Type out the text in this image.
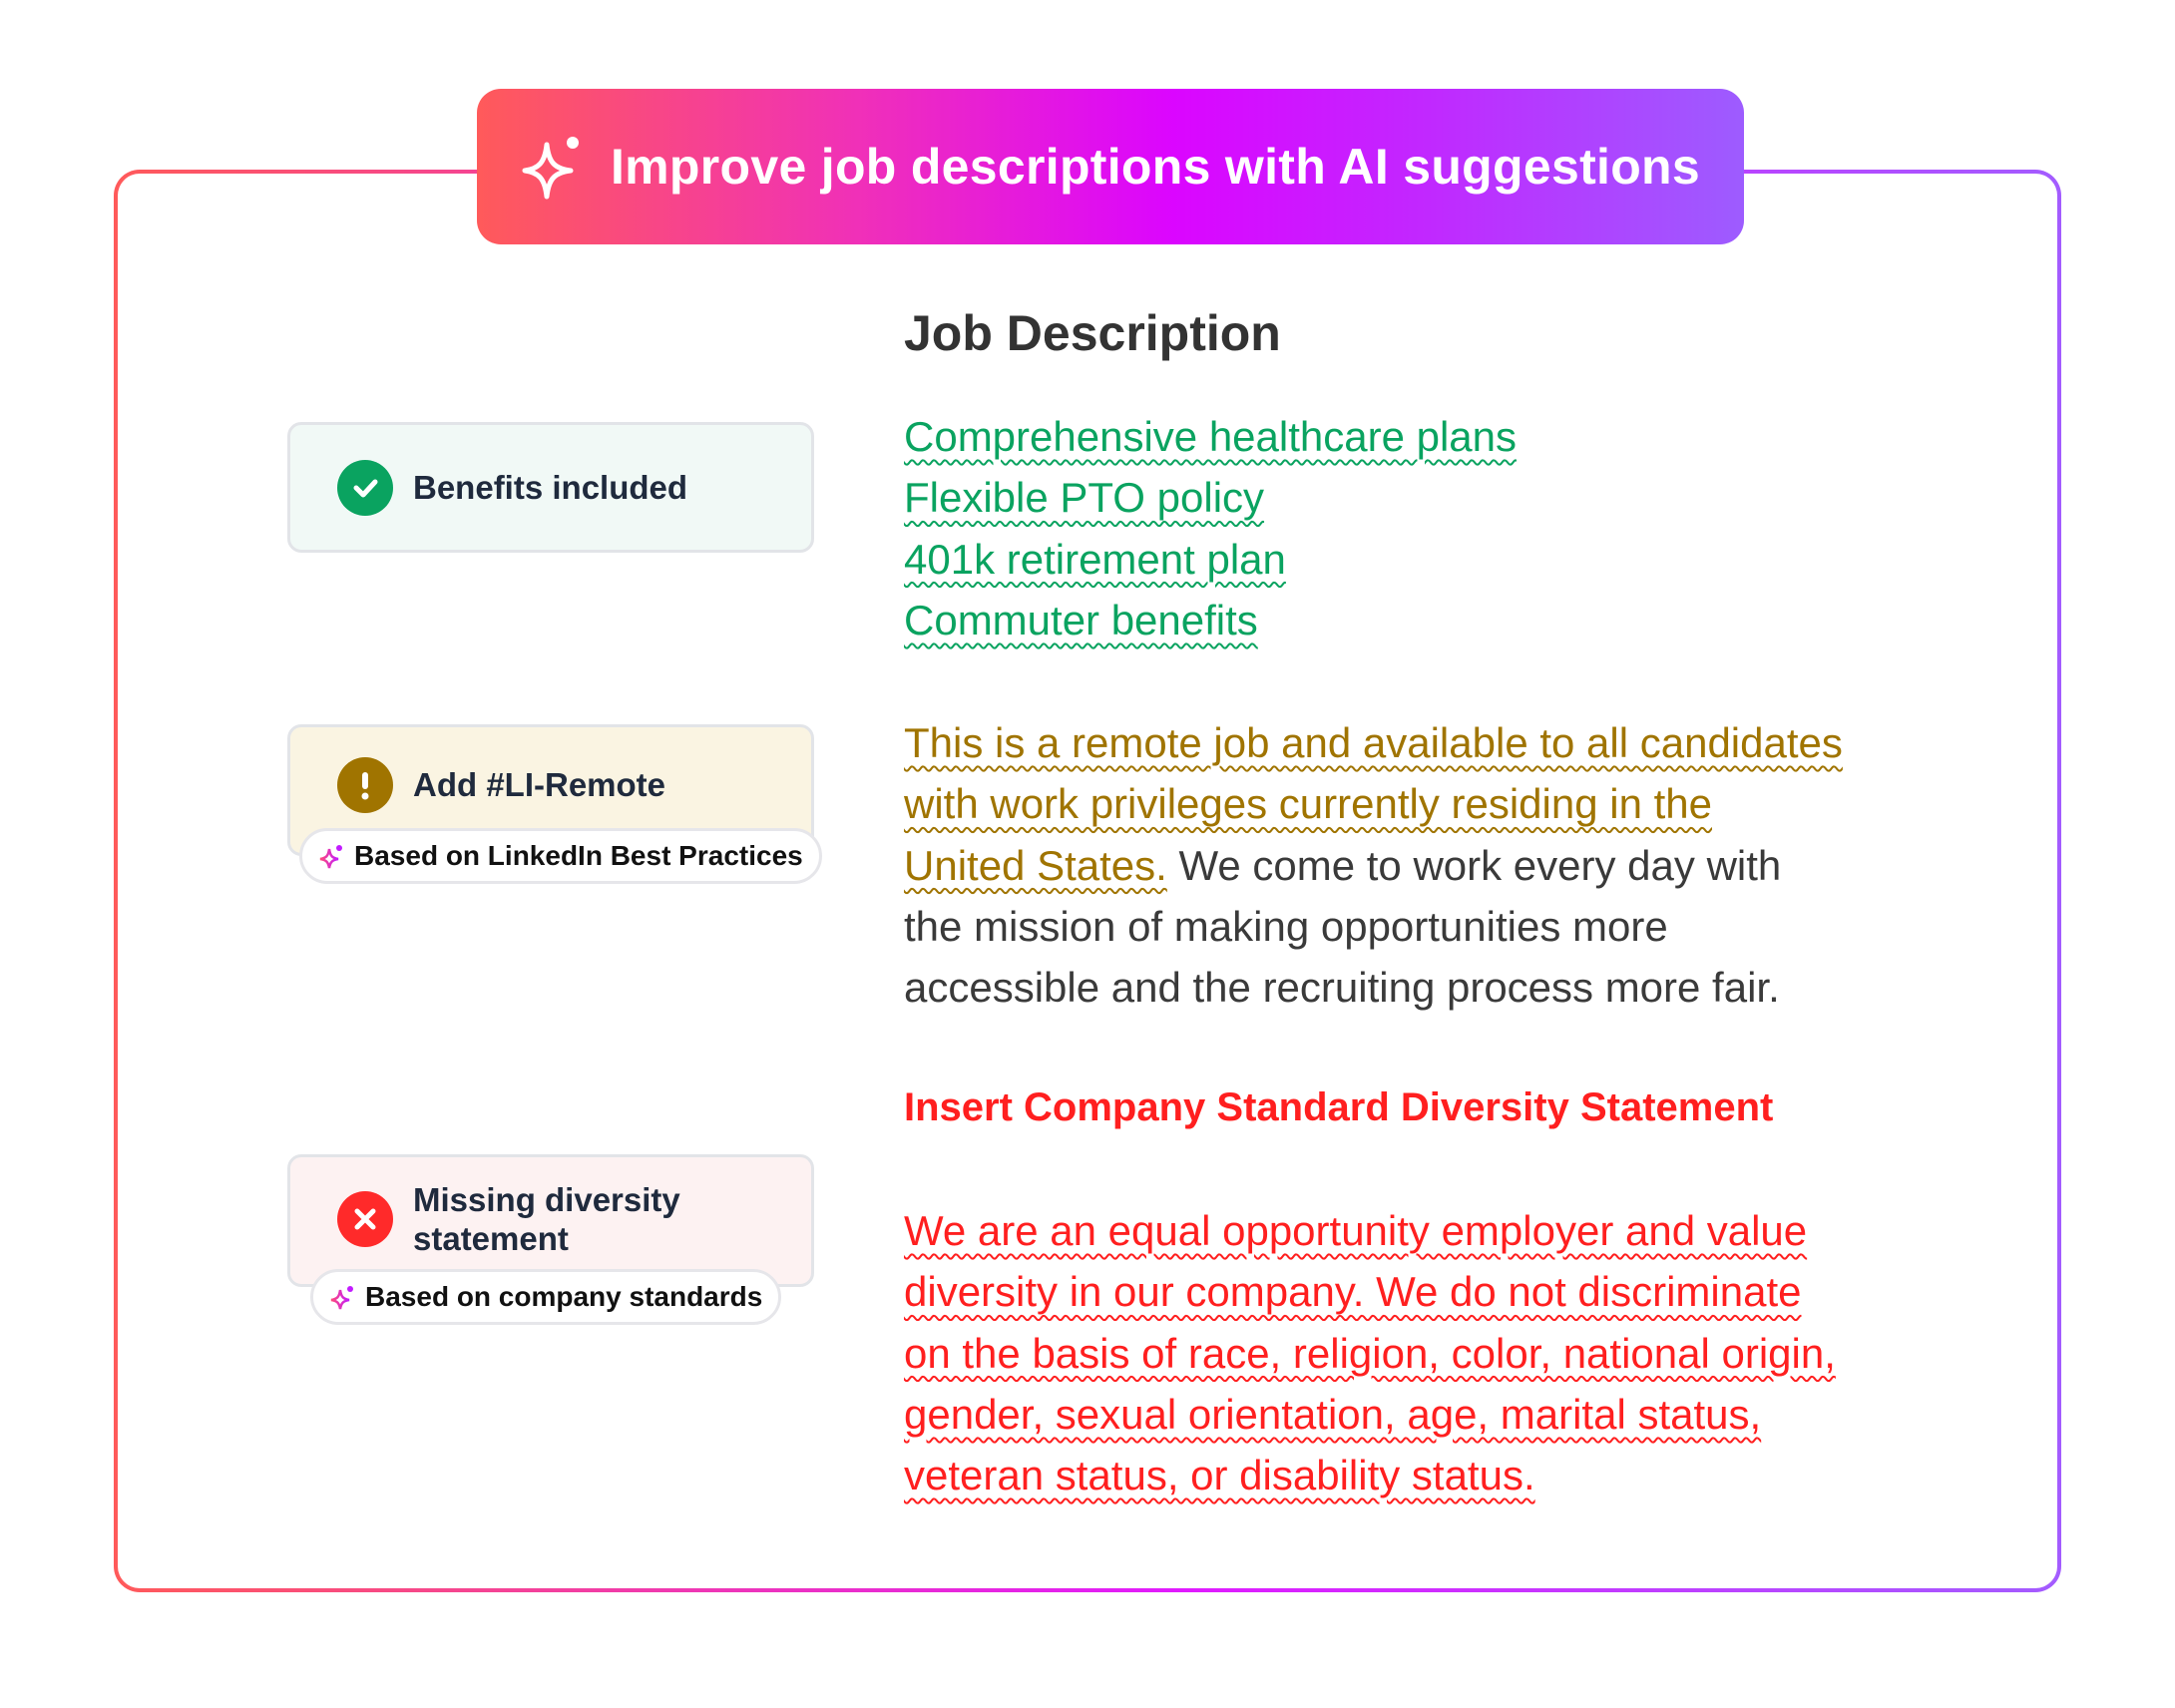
Improve job descriptions with AI suggestions
Job Description
Comprehensive healthcare plans
Flexible PTO policy
401k retirement plan
Commuter benefits
This is a remote job and available to all candidates
with work privileges currently residing in the
United States. We come to work every day with
the mission of making opportunities more
accessible and the recruiting process more fair.
Insert Company Standard Diversity Statement
We are an equal opportunity employer and value
diversity in our company. We do not discriminate
on the basis of race, religion, color, national origin,
gender, sexual orientation, age, marital status,
veteran status, or disability status.
Benefits included
Add #LI-Remote
Based on LinkedIn Best Practices
Missing diversity statement
Based on company standards
